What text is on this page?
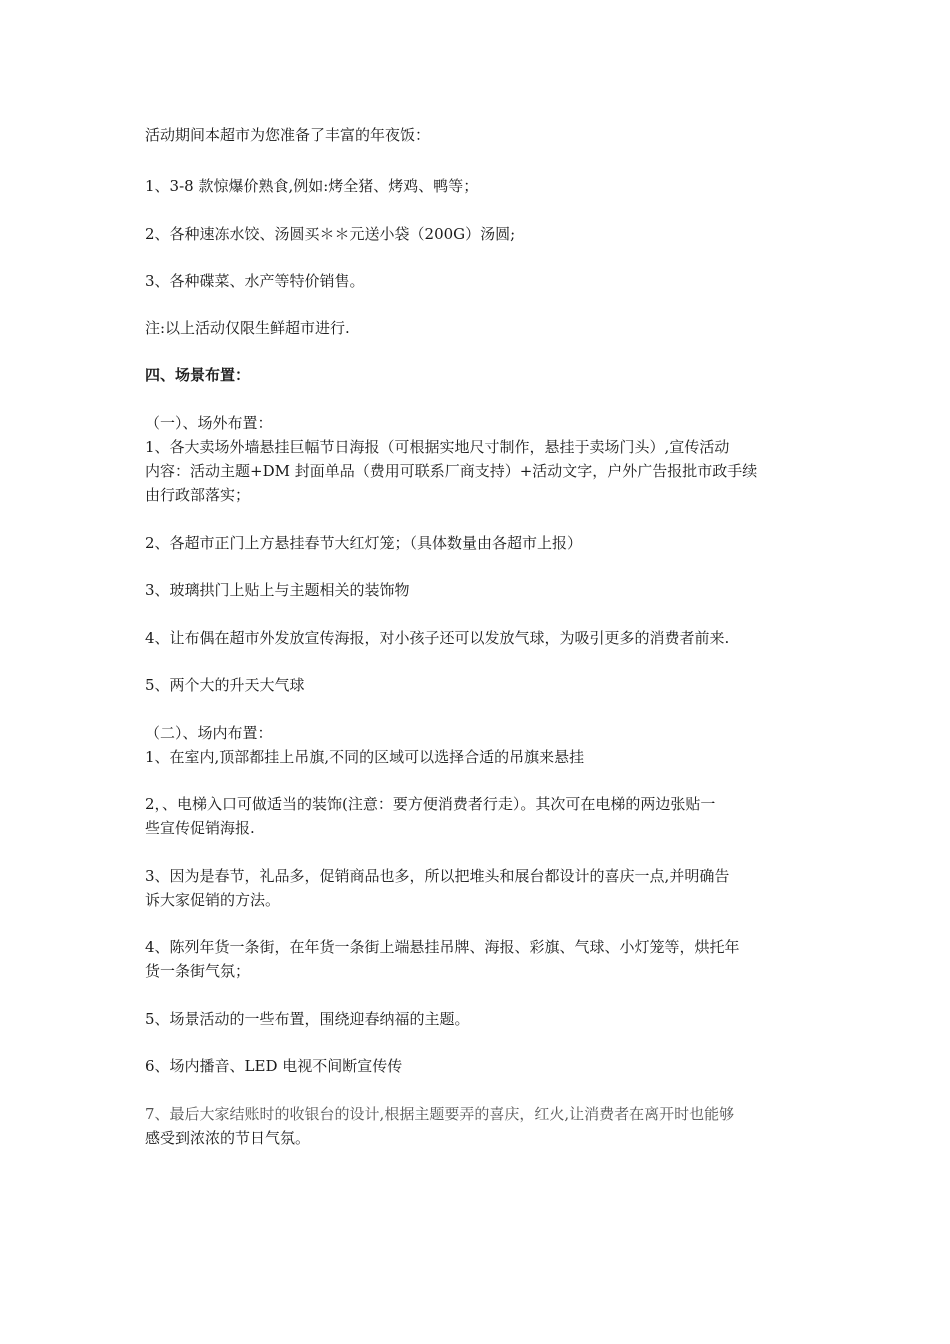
活动期间本超市为您准备了丰富的年夜饭：
1、3-8 款惊爆价熟食,例如:烤全猪、烤鸡、鸭等；
2、各种速冻水饺、汤圆买＊＊元送小袋（200G）汤圆;
3、各种碟菜、水产等特价销售。
注:以上活动仅限生鲜超市进行.
四、场景布置：
（一）、场外布置：
1、各大卖场外墙悬挂巨幅节日海报（可根据实地尺寸制作，悬挂于卖场门头）,宣传活动
内容：活动主题+DM 封面单品（费用可联系厂商支持）+活动文字，户外广告报批市政手续
由行政部落实；
2、各超市正门上方悬挂春节大红灯笼；（具体数量由各超市上报）
3、玻璃拱门上贴上与主题相关的装饰物
4、让布偶在超市外发放宣传海报，对小孩子还可以发放气球，为吸引更多的消费者前来.
5、两个大的升天大气球
（二）、场内布置：
1、在室内,顶部都挂上吊旗,不同的区域可以选择合适的吊旗来悬挂
2，、电梯入口可做适当的装饰(注意：要方便消费者行走）。其次可在电梯的两边张贴一
些宣传促销海报.
3、因为是春节，礼品多，促销商品也多，所以把堆头和展台都设计的喜庆一点,并明确告
诉大家促销的方法。
4、陈列年货一条街，在年货一条街上端悬挂吊牌、海报、彩旗、气球、小灯笼等，烘托年
货一条街气氛；
5、场景活动的一些布置，围绕迎春纳福的主题。
6、场内播音、LED 电视不间断宣传传
7、最后大家结账时的收银台的设计,根据主题要弄的喜庆，红火,让消费者在离开时也能够
感受到浓浓的节日气氛。
